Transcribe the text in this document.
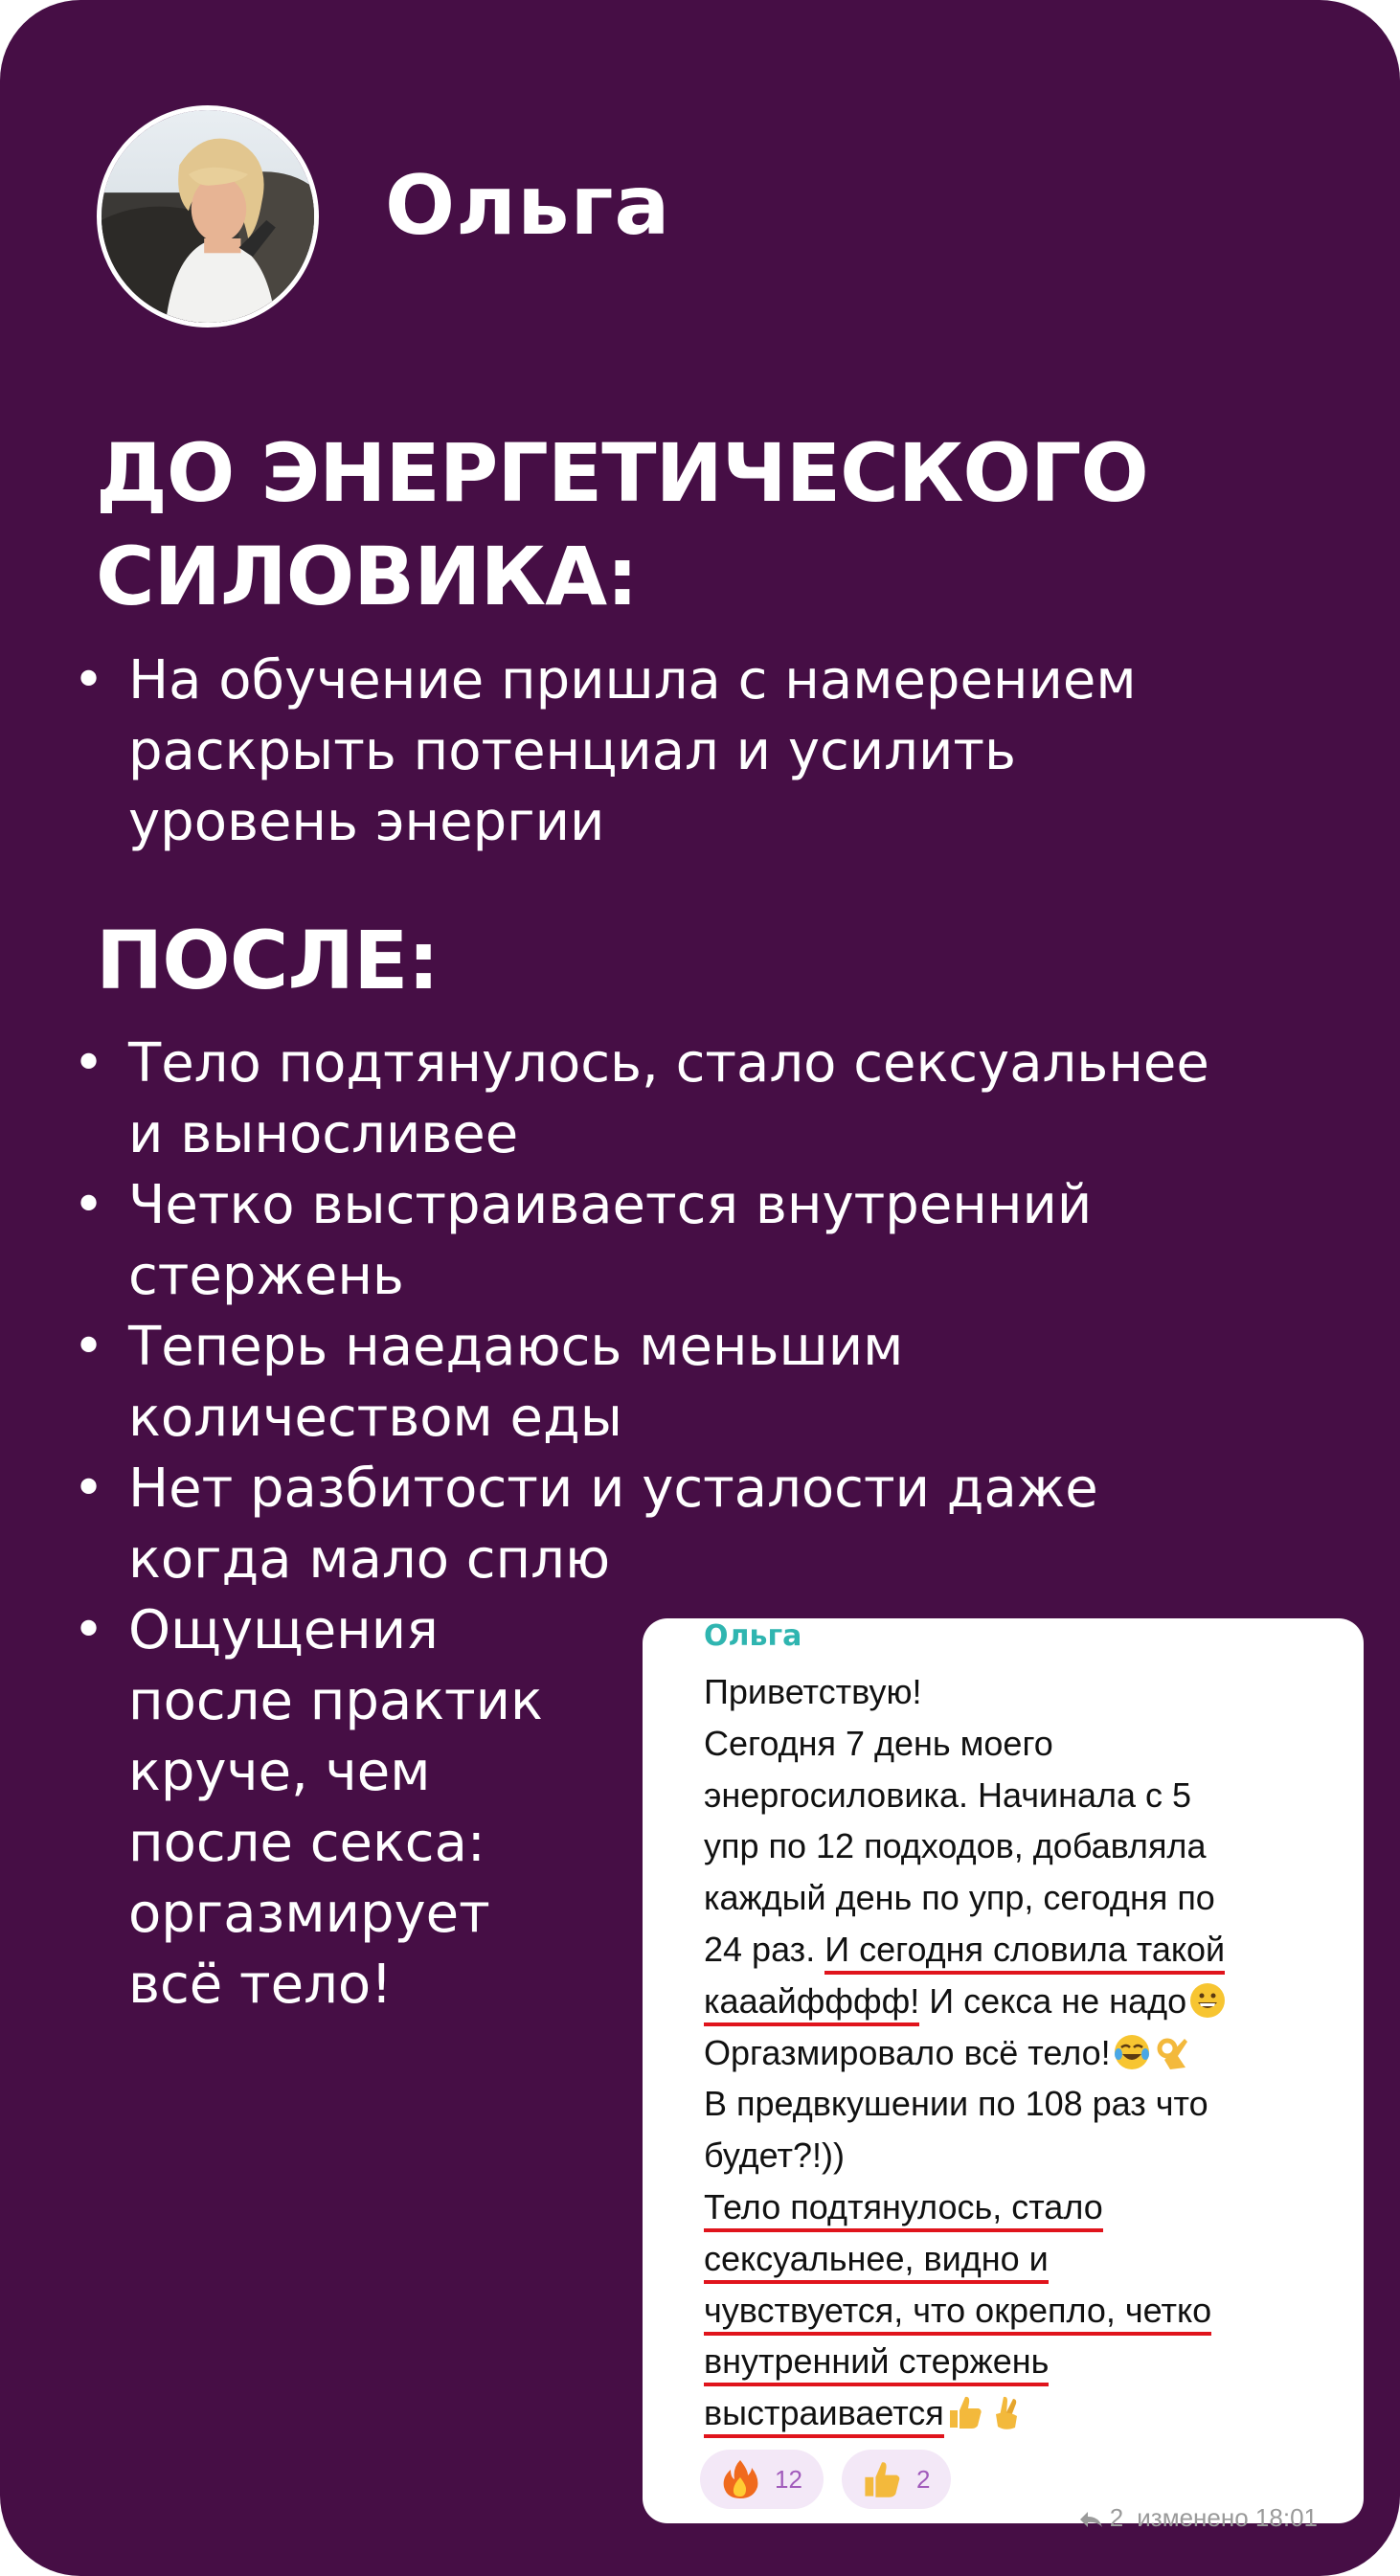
Ольга
ДО ЭНЕРГЕТИЧЕСКОГО
СИЛОВИКА:
• На обучение пришла с намерением
раскрыть потенциал и усилить
уровень энергии
ПОСЛЕ:
• Тело подтянулось, стало сексуальнее
и выносливее
• Четко выстраивается внутренний
стержень
• Теперь наедаюсь меньшим
количеством еды
• Нет разбитости и усталости даже
когда мало сплю
• Ощущения
после практик
круче, чем
после секса:
оргазмирует
всё тело!
Ольга
Приветствую!
Сегодня 7 день моего
энергосиловика. Начинала с 5
упр по 12 подходов, добавляла
каждый день по упр, сегодня по
24 раз. И сегодня словила такой
кааайфффф! И секса не надо
Оргазмировало всё тело!
В предвкушении по 108 раз что
будет?!))
Тело подтянулось, стало
сексуальнее, видно и
чувствуется, что окрепло, четко
внутренний стержень
выстраивается
12
	2
2 изменено 18:01
